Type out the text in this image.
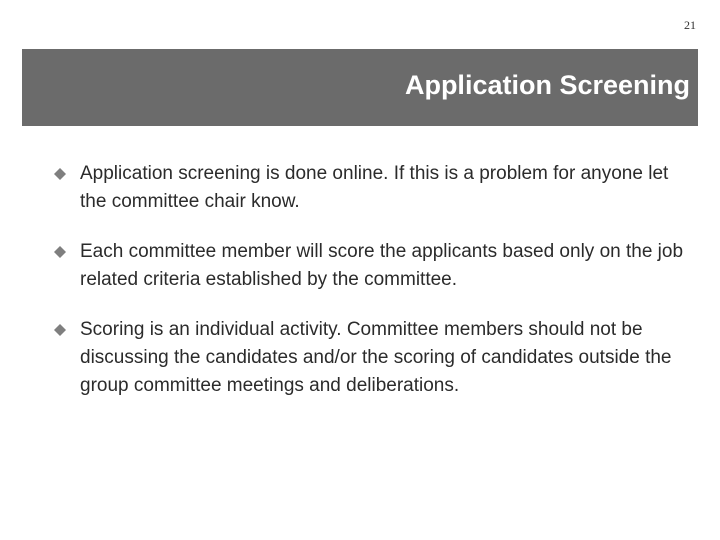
21
Application Screening
Application screening is done online. If this is a problem for anyone let the committee chair know.
Each committee member will score the applicants based only on the job related criteria established by the committee.
Scoring is an individual activity. Committee members should not be discussing the candidates and/or the scoring of candidates outside the group committee meetings and deliberations.
